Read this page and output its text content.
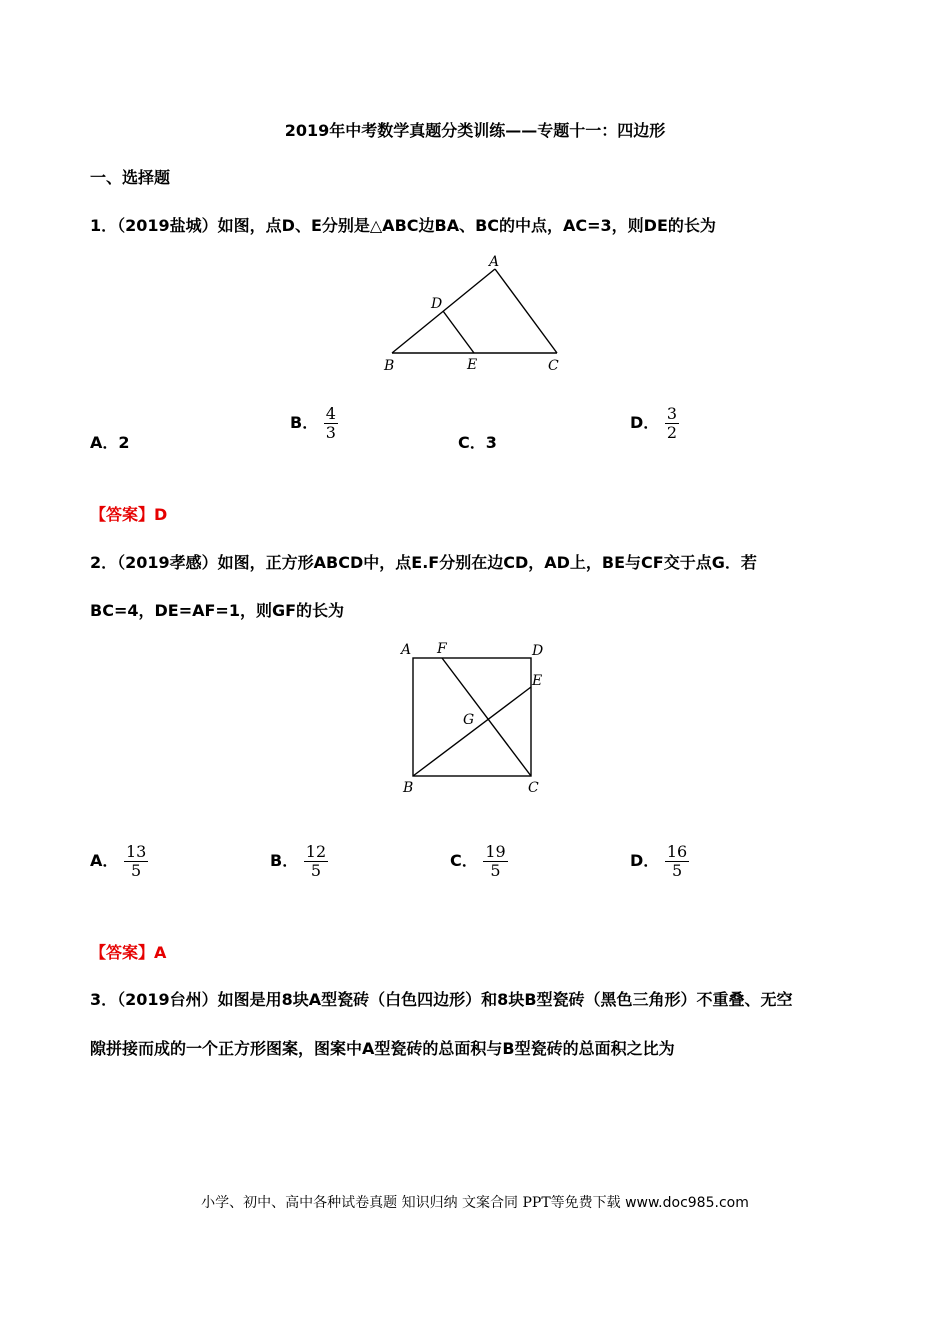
2019年中考数学真题分类训练——专题十一：四边形
一、选择题
1．（2019盐城）如图，点D、E分别是△ABC边BA、BC的中点，AC=3，则DE的长为
A
B	C
D
E
A．2
B． $\frac{4}{3}$
C．3
D． $\frac{3}{2}$
【答案】D
2．（2019孝感）如图，正方形ABCD中，点E.F分别在边CD，AD上，BE与CF交于点G．若
BC=4，DE=AF=1，则GF的长为
A F	D
E
G
B	C
A． $\frac{13}{5}$	B． $\frac{12}{5}$	C． $\frac{19}{5}$	D． $\frac{16}{5}$
【答案】A
3．（2019台州）如图是用8块A型瓷砖（白色四边形）和8块B型瓷砖（黑色三角形）不重叠、无空
隙拼接而成的一个正方形图案，图案中A型瓷砖的总面积与B型瓷砖的总面积之比为
小学、初中、高中各种试卷真题 知识归纳 文案合同 PPT等免费下载 www.doc985.com
